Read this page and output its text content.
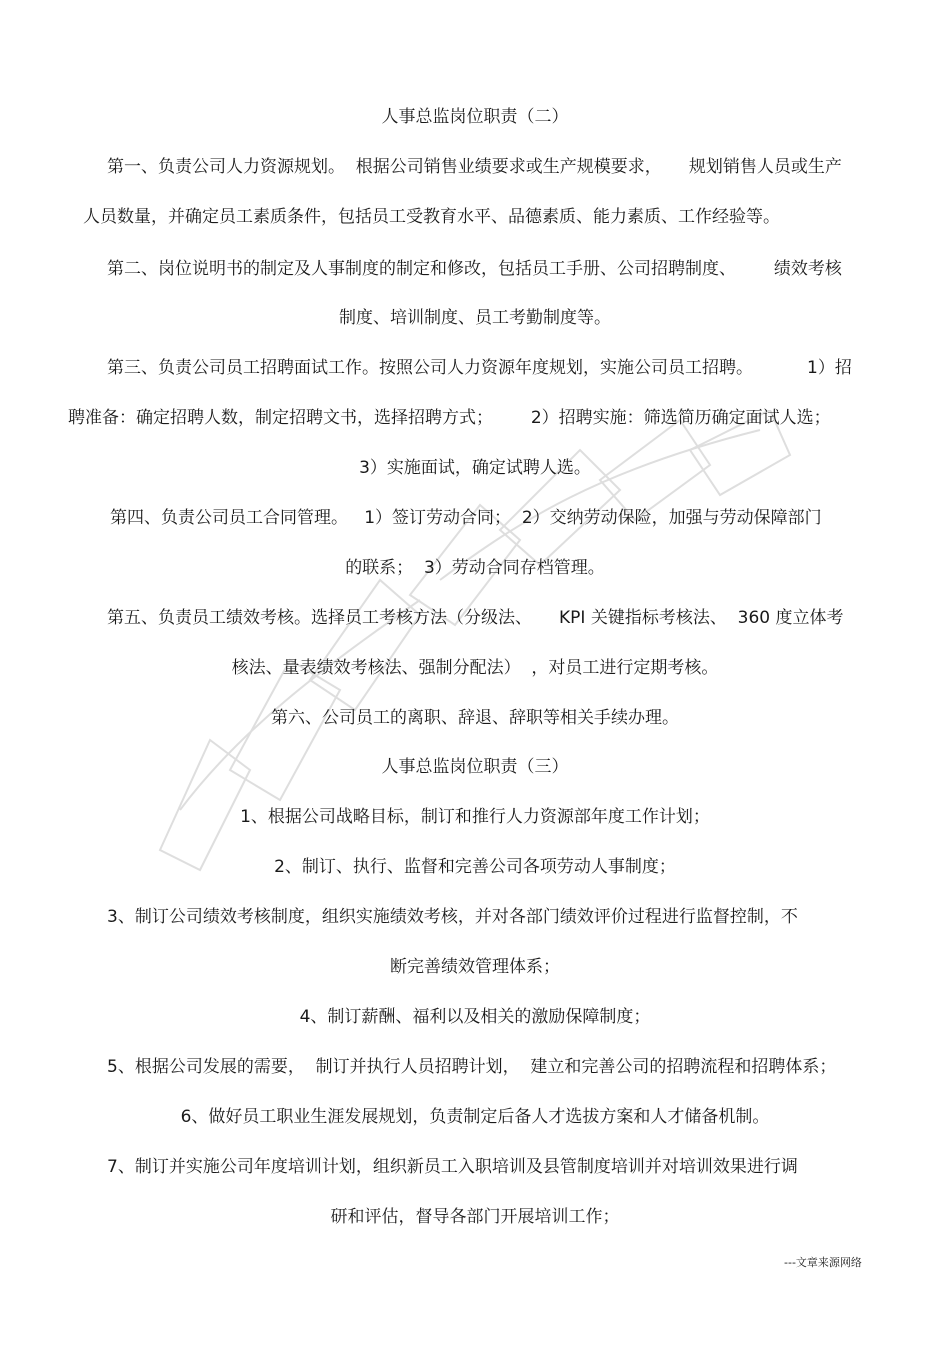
人事总监岗位职责（二）
第一、负责公司人力资源规划。  根据公司销售业绩要求或生产规模要求，     规划销售人员或生产
人员数量，并确定员工素质条件，包括员工受教育水平、品德素质、能力素质、工作经验等。
第二、岗位说明书的制定及人事制度的制定和修改，包括员工手册、公司招聘制度、       绩效考核
制度、培训制度、员工考勤制度等。
第三、负责公司员工招聘面试工作。按照公司人力资源年度规划，实施公司员工招聘。          1）招
聘准备：确定招聘人数，制定招聘文书，选择招聘方式；       2）招聘实施：筛选简历确定面试人选；
3）实施面试，确定试聘人选。
第四、负责公司员工合同管理。   1）签订劳动合同；  2）交纳劳动保险，加强与劳动保障部门
的联系；  3）劳动合同存档管理。
第五、负责员工绩效考核。选择员工考核方法（分级法、     KPI 关键指标考核法、  360 度立体考
核法、量表绩效考核法、强制分配法）  ，对员工进行定期考核。
第六、公司员工的离职、辞退、辞职等相关手续办理。
人事总监岗位职责（三）
1、根据公司战略目标，制订和推行人力资源部年度工作计划；
2、制订、执行、监督和完善公司各项劳动人事制度；
3、制订公司绩效考核制度，组织实施绩效考核，并对各部门绩效评价过程进行监督控制，不
断完善绩效管理体系；
4、制订薪酬、福利以及相关的激励保障制度；
5、根据公司发展的需要，  制订并执行人员招聘计划，  建立和完善公司的招聘流程和招聘体系；
6、做好员工职业生涯发展规划，负责制定后备人才选拔方案和人才储备机制。
7、制订并实施公司年度培训计划，组织新员工入职培训及县管制度培训并对培训效果进行调
研和评估，督导各部门开展培训工作；
---文章来源网络
